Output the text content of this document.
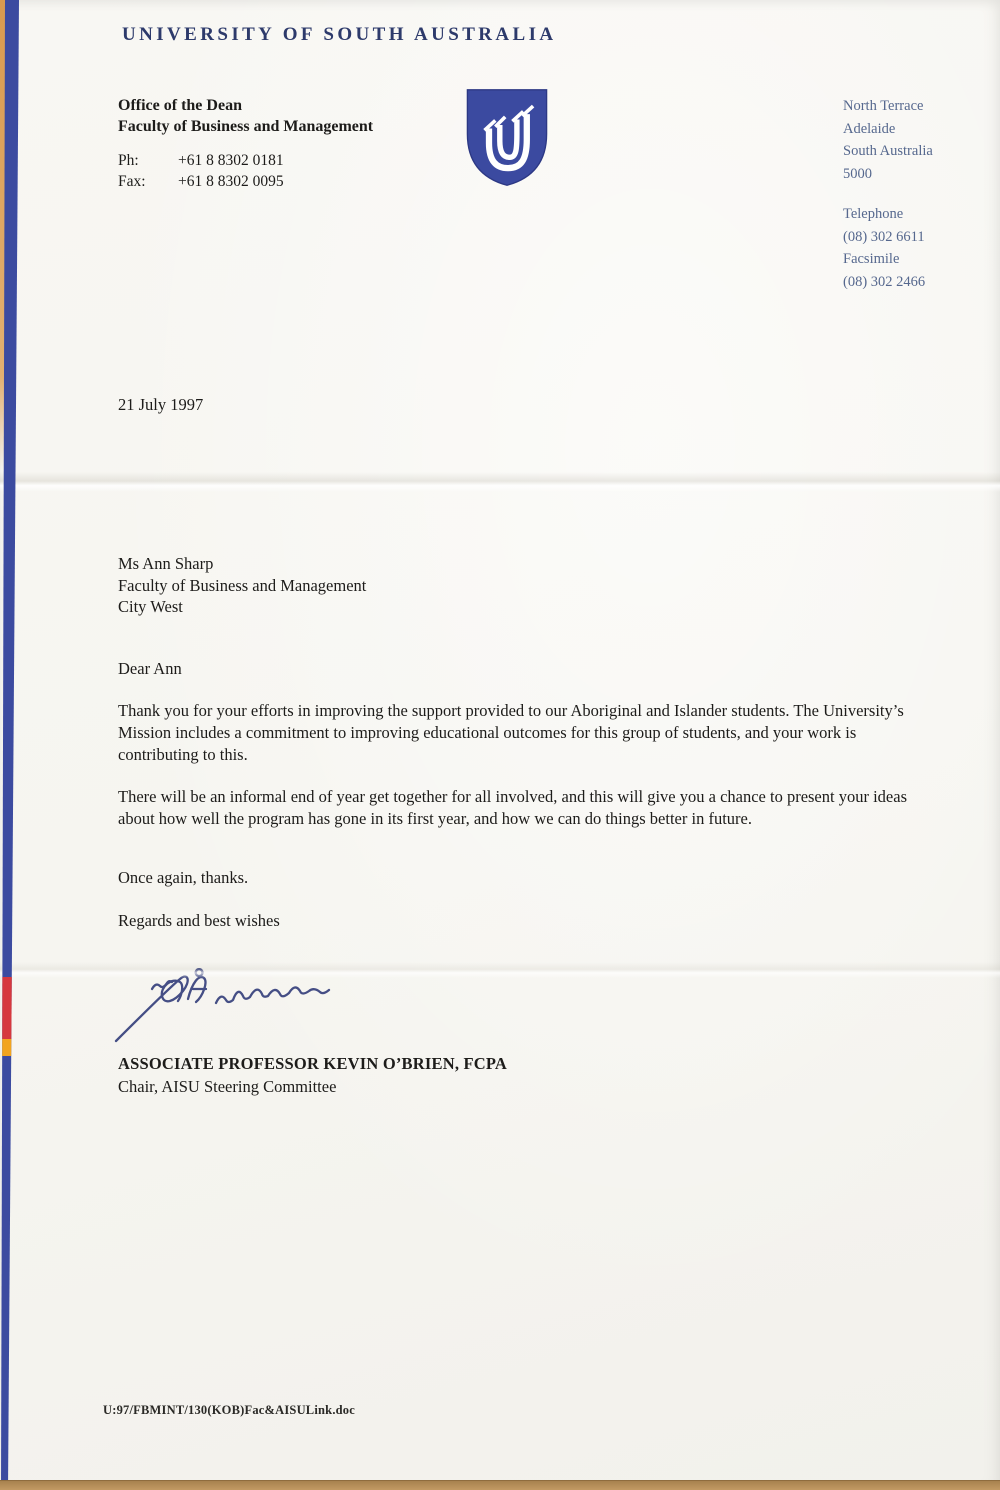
UNIVERSITY OF SOUTH AUSTRALIA
Office of the Dean
Faculty of Business and Management
Ph:	+61 8 8302 0181
Fax: +61 8 8302 0095
North Terrace
Adelaide
South Australia
5000
Telephone
(08) 302 6611
Facsimile
(08) 302 2466
21 July 1997
Ms Ann Sharp
Faculty of Business and Management
City West
Dear Ann
Thank you for your efforts in improving the support provided to our Aboriginal and Islander students. The University’s Mission includes a commitment to improving educational outcomes for this group of students, and your work is contributing to this.
There will be an informal end of year get together for all involved, and this will give you a chance to present your ideas about how well the program has gone in its first year, and how we can do things better in future.
Once again, thanks.
Regards and best wishes
ASSOCIATE PROFESSOR KEVIN O’BRIEN, FCPA
Chair, AISU Steering Committee
U:97/FBMINT/130(KOB)Fac&AISULink.doc
